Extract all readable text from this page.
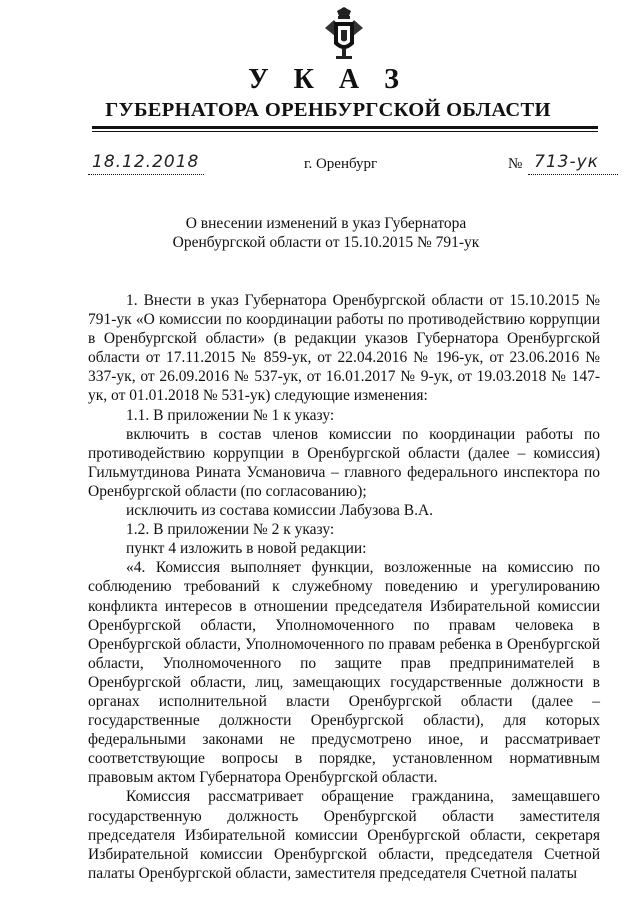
У К А З
ГУБЕРНАТОРА ОРЕНБУРГСКОЙ ОБЛАСТИ
18.12.2018	г. Оренбург	№ 713-ук
О внесении изменений в указ Губернатора
Оренбургской области от 15.10.2015 № 791-ук

1. Внести в указ Губернатора Оренбургской области от 15.10.2015 № 791-ук «О комиссии по координации работы по противодействию коррупции в Оренбургской области» (в редакции указов Губернатора Оренбургской области от 17.11.2015 № 859-ук, от 22.04.2016 № 196-ук, от 23.06.2016 № 337-ук, от 26.09.2016 № 537-ук, от 16.01.2017 № 9-ук, от 19.03.2018 № 147-ук, от 01.01.2018 № 531-ук) следующие изменения:

1.1. В приложении № 1 к указу:

включить в состав членов комиссии по координации работы по противодействию коррупции в Оренбургской области (далее – комиссия) Гильмутдинова Рината Усмановича – главного федерального инспектора по Оренбургской области (по согласованию);

исключить из состава комиссии Лабузова В.А.

1.2. В приложении № 2 к указу:

пункт 4 изложить в новой редакции:

«4. Комиссия выполняет функции, возложенные на комиссию по соблюдению требований к служебному поведению и урегулированию конфликта интересов в отношении председателя Избирательной комиссии Оренбургской области, Уполномоченного по правам человека в Оренбургской области, Уполномоченного по правам ребенка в Оренбургской области, Уполномоченного по защите прав предпринимателей в Оренбургской области, лиц, замещающих государственные должности в органах исполнительной власти Оренбургской области (далее – государственные должности Оренбургской области), для которых федеральными законами не предусмотрено иное, и рассматривает соответствующие вопросы в порядке, установленном нормативным правовым актом Губернатора Оренбургской области.

Комиссия рассматривает обращение гражданина, замещавшего государственную должность Оренбургской области заместителя председателя Избирательной комиссии Оренбургской области, секретаря Избирательной комиссии Оренбургской области, председателя Счетной палаты Оренбургской области, заместителя председателя Счетной палаты
